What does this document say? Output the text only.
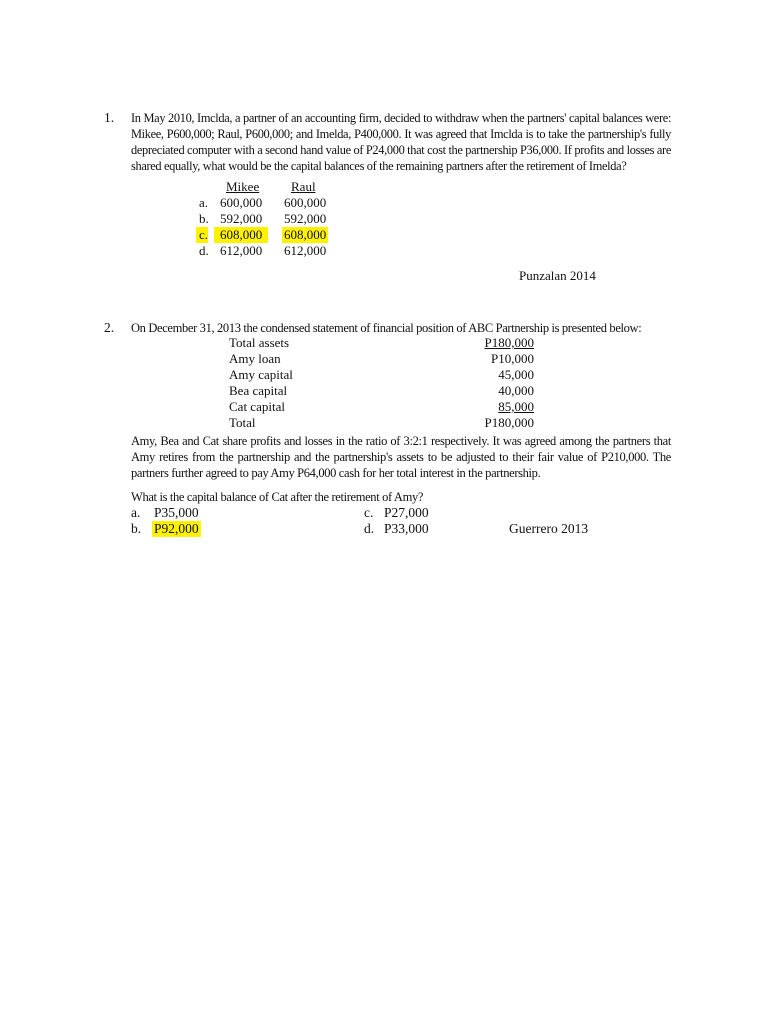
1. In May 2010, Imclda, a partner of an accounting firm, decided to withdraw when the partners' capital balances were:
Mikee, P600,000; Raul, P600,000; and Imelda, P400,000. It was agreed that Imclda is to take the partnership's fully
depreciated computer with a second hand value of P24,000 that cost the partnership P36,000. If profits and losses are
shared equally, what would be the capital balances of the remaining partners after the retirement of Imelda?
Mikee Raul
a. 600,000 600,000
b. 592,000 592,000
c. 608,000	608,000
d. 612,000 612,000
Punzalan 2014
2. On December 31, 2013 the condensed statement of financial position of ABC Partnership is presented below:
Total assets	P180,000
Amy loan	P10,000
Amy capital	45,000
Bea capital	40,000
Cat capital	85,000
Total	P180,000
Amy, Bea and Cat share profits and losses in the ratio of 3:2:1 respectively. It was agreed among the partners that
Amy retires from the partnership and the partnership's assets to be adjusted to their fair value of P210,000. The
partners further agreed to pay Amy P64,000 cash for her total interest in the partnership.
What is the capital balance of Cat after the retirement of Amy?
a. P35,000
b. P92,000
c. P27,000
d. P33,000	Guerrero 2013
